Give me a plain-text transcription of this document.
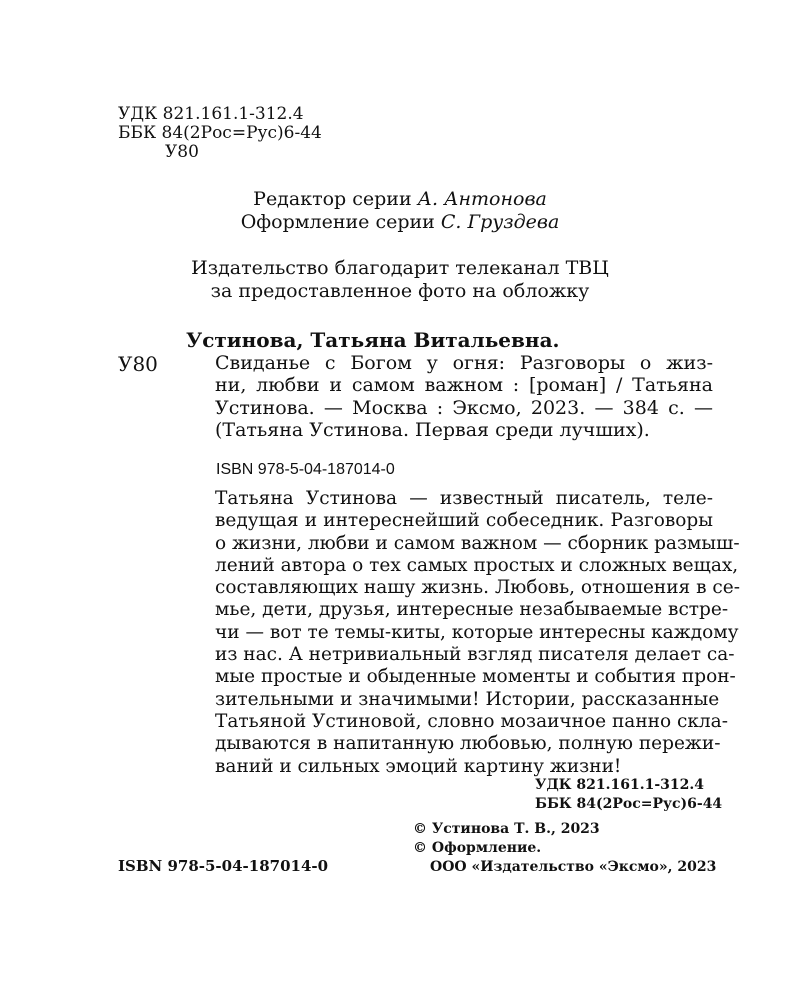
УДК 821.161.1-312.4
ББК 84(2Рос=Рус)6-44
У80
Редактор серии А. Антонова
Оформление серии С. Груздева
Издательство благодарит телеканал ТВЦ
за предоставленное фото на обложку
Устинова, Татьяна Витальевна.
У80	Свиданье с Богом у огня: Разговоры о жиз-
ни, любви и самом важном : [роман] / Татьяна
Устинова. — Москва : Эксмо, 2023. — 384 с. —
(Татьяна Устинова. Первая среди лучших).
ISBN 978-5-04-187014-0
Татьяна Устинова — известный писатель, теле-
ведущая и интереснейший собеседник. Разговоры
о жизни, любви и самом важном — сборник размыш-
лений автора о тех самых простых и сложных вещах,
составляющих нашу жизнь. Любовь, отношения в се-
мье, дети, друзья, интересные незабываемые встре-
чи — вот те темы-киты, которые интересны каждому
из нас. А нетривиальный взгляд писателя делает са-
мые простые и обыденные моменты и события прон-
зительными и значимыми! Истории, рассказанные
Татьяной Устиновой, словно мозаичное панно скла-
дываются в напитанную любовью, полную пережи-
ваний и сильных эмоций картину жизни!
УДК 821.161.1-312.4
ББК 84(2Рос=Рус)6-44
ISBN 978-5-04-187014-0
© Устинова Т. В., 2023
© Оформление.
ООО «Издательство «Эксмо», 2023
